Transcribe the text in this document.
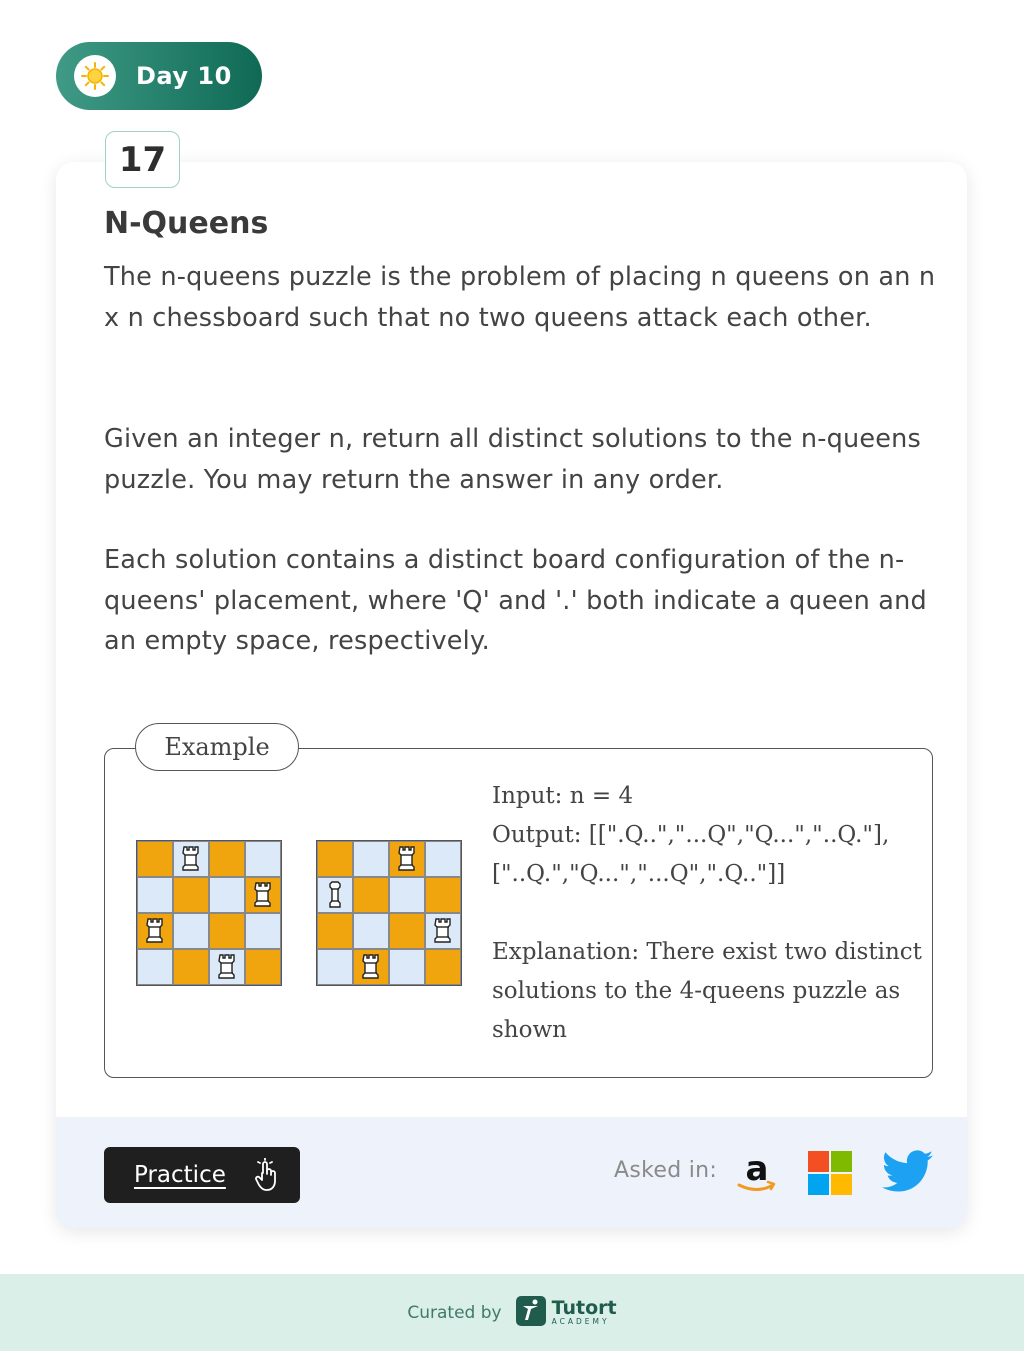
Day 10
17
N-Queens

The n-queens puzzle is the problem of placing n queens on an n x n chessboard such that no two queens attack each other.

Given an integer n, return all distinct solutions to the n-queens puzzle. You may return the answer in any order.

Each solution contains a distinct board configuration of the n-queens' placement, where 'Q' and '.' both indicate a queen and an empty space, respectively.

Example
Input: n = 4
Output: [[".Q..","...Q","Q...","..Q."],["..Q.","Q...","...Q",".Q.."]]
Explanation: There exist two distinct solutions to the 4-queens puzzle as shown
Practice	Asked in: a
Curated by	Tutort
ACADEMY
